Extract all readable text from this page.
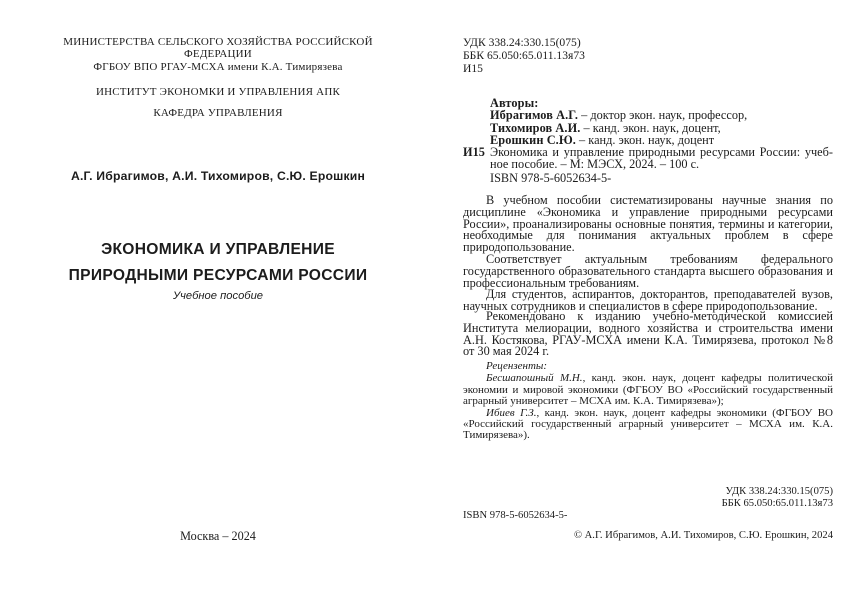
МИНИСТЕРСТВА СЕЛЬСКОГО ХОЗЯЙСТВА РОССИЙСКОЙ ФЕДЕРАЦИИ
ФГБОУ ВПО РГАУ-МСХА имени К.А. Тимирязева
ИНСТИТУТ ЭКОНОМКИ И УПРАВЛЕНИЯ АПК
КАФЕДРА УПРАВЛЕНИЯ
А.Г. Ибрагимов, А.И. Тихомиров, С.Ю. Ерошкин
ЭКОНОМИКА И УПРАВЛЕНИЕ
ПРИРОДНЫМИ РЕСУРСАМИ РОССИИ
Учебное пособие
Москва – 2024
УДК 338.24:330.15(075)
ББК 65.050:65.011.13я73
И15
Авторы:
Ибрагимов А.Г. – доктор экон. наук, профессор,
Тихомиров А.И. – канд. экон. наук, доцент,
Ерошкин С.Ю. – канд. экон. наук, доцент
И15 Экономика и управление природными ресурсами России: учеб-
ное пособие. – М: МЭСХ, 2024. – 100 с.
ISBN 978-5-6052634-5-

В учебном пособии систематизированы научные знания по дисциплине «Экономика и управление природными ресурсами России», проанализированы основные понятия, термины и категории, необходимые для понимания актуальных проблем в сфере природопользование.

Соответствует актуальным требованиям федерального государственного образовательного стандарта высшего образования и профессиональным требованиям.

Для студентов, аспирантов, докторантов, преподавателей вузов, научных сотрудников и специалистов в сфере природопользование.

Рекомендовано к изданию учебно-методической комиссией Института мелиорации, водного хозяйства и строительства имени А.Н. Костякова, РГАУ-МСХА имени К.А. Тимирязева, протокол №8 от 30 мая 2024 г.

Рецензенты:

Бесшапошный М.Н., канд. экон. наук, доцент кафедры политической экономии и мировой экономики (ФГБОУ ВО «Российский государственный аграрный университет – МСХА им. К.А. Тимирязева»);

Ибиев Г.З., канд. экон. наук, доцент кафедры экономики (ФГБОУ ВО «Российский государственный аграрный университет – МСХА им. К.А. Тимирязева»).

УДК 338.24:330.15(075)
ББК 65.050:65.011.13я73
ISBN 978-5-6052634-5-
© А.Г. Ибрагимов, А.И. Тихомиров, С.Ю. Ерошкин, 2024
